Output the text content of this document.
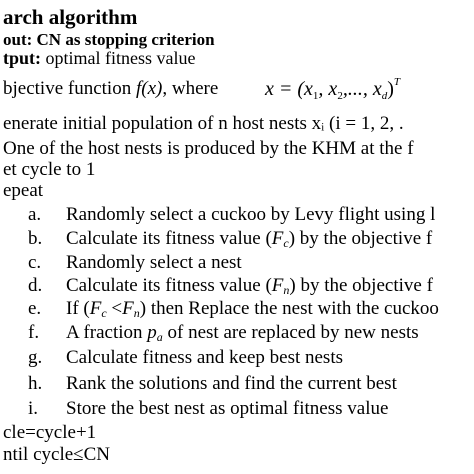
arch algorithm
out: CN as stopping criterion
tput: optimal fitness value
bjective function f(x), where $x = (x_1$, $x_2$,..., $x_d)^T$
enerate initial population of n host nests xᵢ (i = 1, 2, .
One of the host nests is produced by the KHM at the f
et cycle to 1
epeat
a. Randomly select a cuckoo by Levy flight using l
b. Calculate its fitness value $(F_c)$ by the objective f
c. Randomly select a nest
d. Calculate its fitness value $(F_n)$ by the objective f
e. If $(F_c <F_n)$ then Replace the nest with the cuckoo
f. A fraction $p_a$ of nest are replaced by new nests
g. Calculate fitness and keep best nests
h. Rank the solutions and find the current best
i. Store the best nest as optimal fitness value
cle=cycle+1
ntil cycle≤CN
